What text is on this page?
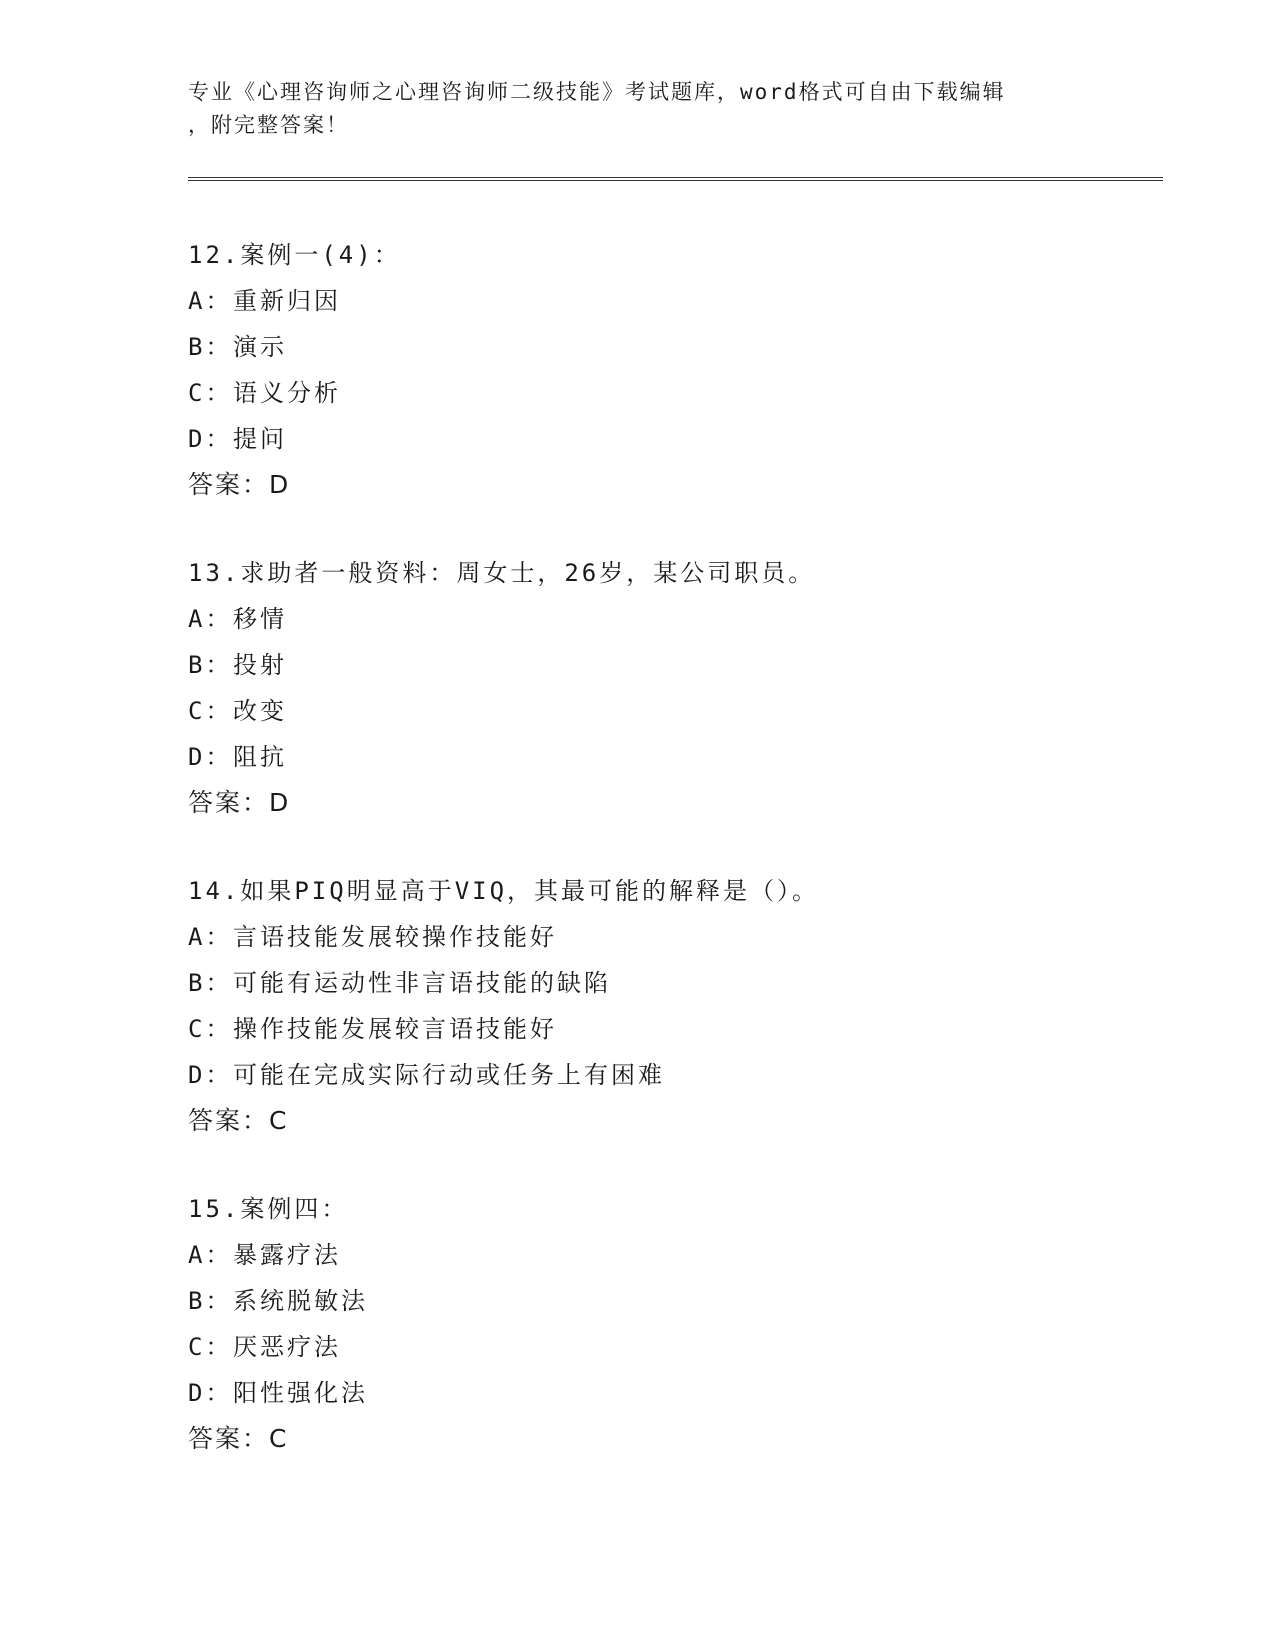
专业《心理咨询师之心理咨询师二级技能》考试题库，word格式可自由下载编辑
，附完整答案！
12.案例一(4)：
A：重新归因
B：演示
C：语义分析
D：提问
答案：D
13.求助者一般资料：周女士，26岁，某公司职员。
A：移情
B：投射
C：改变
D：阻抗
答案：D
14.如果PIQ明显高于VIQ，其最可能的解释是（）。
A：言语技能发展较操作技能好
B：可能有运动性非言语技能的缺陷
C：操作技能发展较言语技能好
D：可能在完成实际行动或任务上有困难
答案：C
15.案例四：
A：暴露疗法
B：系统脱敏法
C：厌恶疗法
D：阳性强化法
答案：C
